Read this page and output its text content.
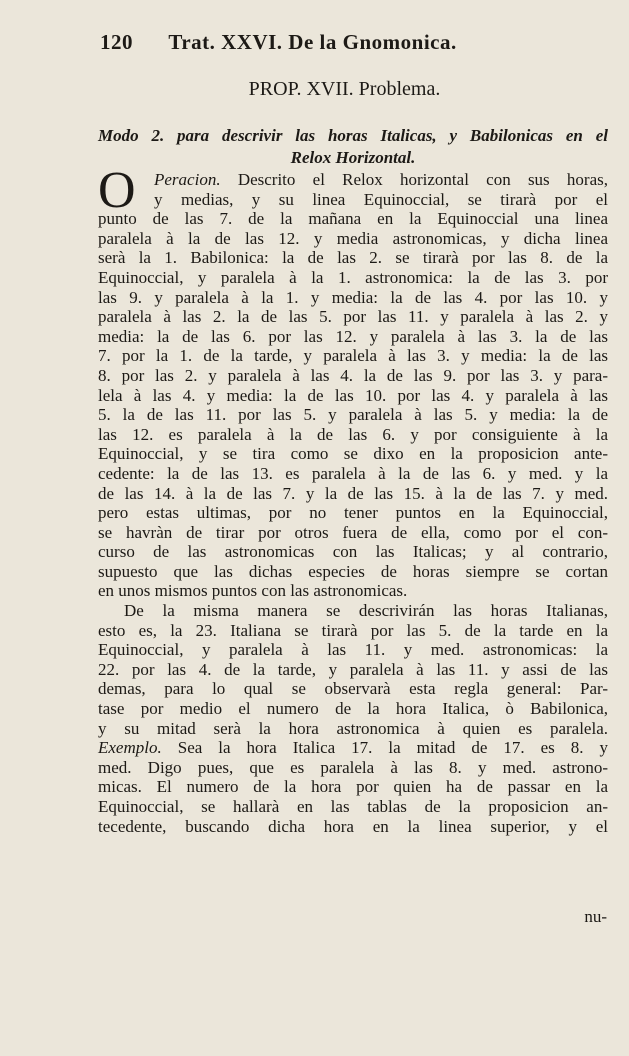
120 Trat. XXVI. De la Gnomonica.
PROP. XVII. Problema.
Modo 2. para descrivir las horas Italicas, y Babilonicas en el
Relox Horizontal.
O	Peracion. Descrito el Relox horizontal con sus horas,
y medias, y su linea Equinoccial, se tirarà por el
punto de las 7. de la mañana en la Equinoccial una linea
paralela à la de las 12. y media astronomicas, y dicha linea
serà la 1. Babilonica: la de las 2. se tirarà por las 8. de la
Equinoccial, y paralela à la 1. astronomica: la de las 3. por
las 9. y paralela à la 1. y media: la de las 4. por las 10. y
paralela à las 2. la de las 5. por las 11. y paralela à las 2. y
media: la de las 6. por las 12. y paralela à las 3. la de las
7. por la 1. de la tarde, y paralela à las 3. y media: la de las
8. por las 2. y paralela à las 4. la de las 9. por las 3. y para-
lela à las 4. y media: la de las 10. por las 4. y paralela à las
5. la de las 11. por las 5. y paralela à las 5. y media: la de
las 12. es paralela à la de las 6. y por consiguiente à la
Equinoccial, y se tira como se dixo en la proposicion ante-
cedente: la de las 13. es paralela à la de las 6. y med. y la
de las 14. à la de las 7. y la de las 15. à la de las 7. y med.
pero estas ultimas, por no tener puntos en la Equinoccial,
se havràn de tirar por otros fuera de ella, como por el con-
curso de las astronomicas con las Italicas; y al contrario,
supuesto que las dichas especies de horas siempre se cortan
en unos mismos puntos con las astronomicas.
De la misma manera se descrivirán las horas Italianas,
esto es, la 23. Italiana se tirarà por las 5. de la tarde en la
Equinoccial, y paralela à las 11. y med. astronomicas: la
22. por las 4. de la tarde, y paralela à las 11. y assi de las
demas, para lo qual se observarà esta regla general: Par-
tase por medio el numero de la hora Italica, ò Babilonica,
y su mitad serà la hora astronomica à quien es paralela.
Exemplo. Sea la hora Italica 17. la mitad de 17. es 8. y
med. Digo pues, que es paralela à las 8. y med. astrono-
micas. El numero de la hora por quien ha de passar en la
Equinoccial, se hallarà en las tablas de la proposicion an-
tecedente, buscando dicha hora en la linea superior, y el
nu-
